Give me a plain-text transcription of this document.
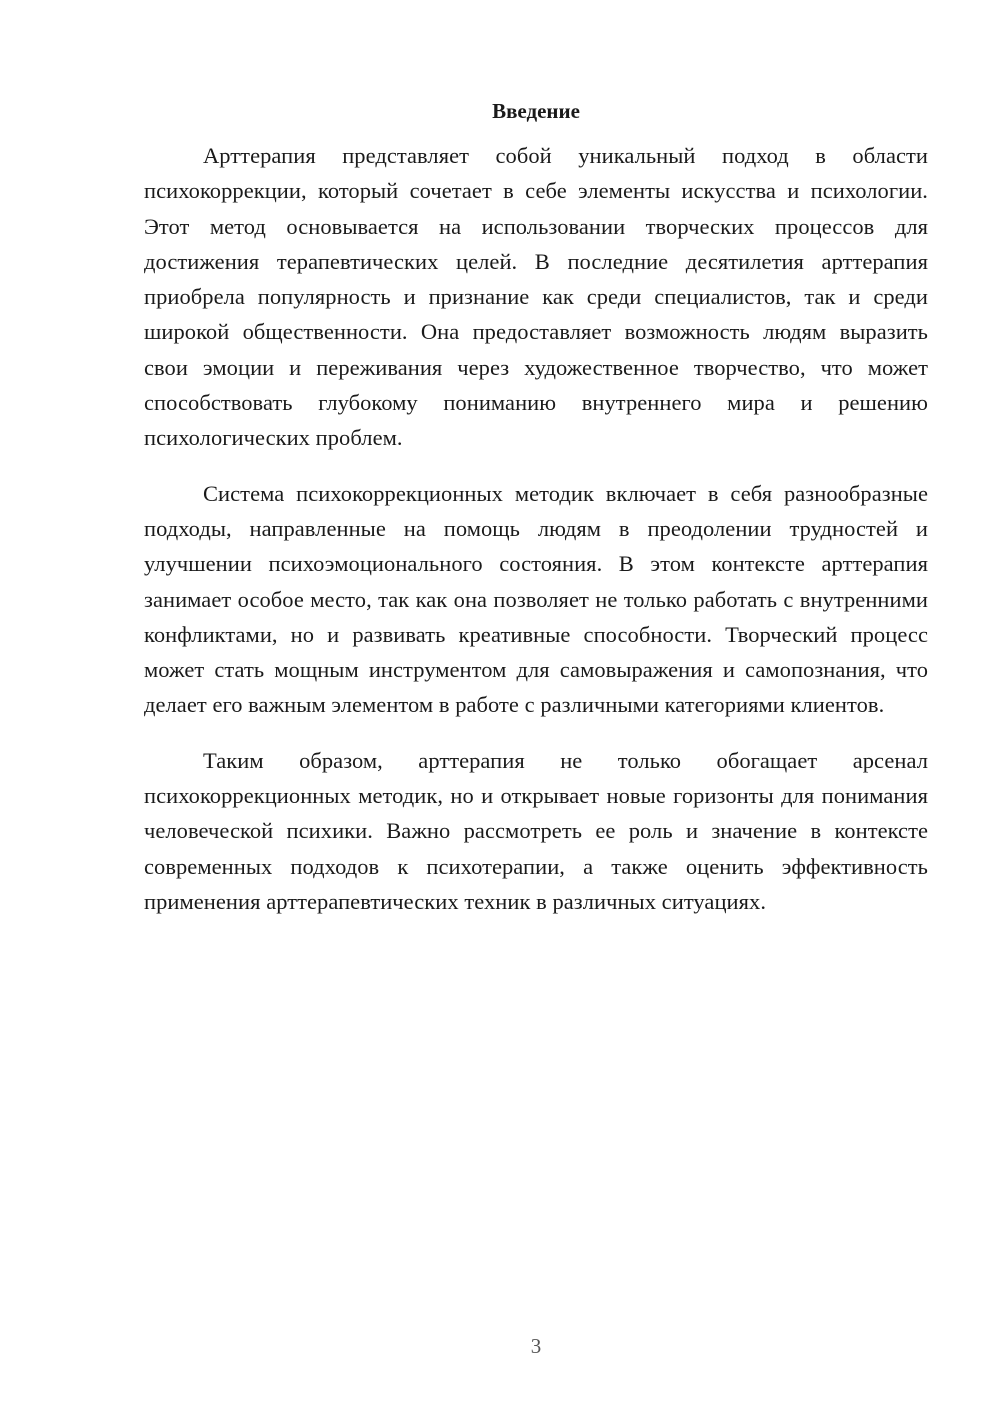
Введение

Арттерапия представляет собой уникальный подход в области психокоррекции, который сочетает в себе элементы искусства и психологии. Этот метод основывается на использовании творческих процессов для достижения терапевтических целей. В последние десятилетия арттерапия приобрела популярность и признание как среди специалистов, так и среди широкой общественности. Она предоставляет возможность людям выразить свои эмоции и переживания через художественное творчество, что может способствовать глубокому пониманию внутреннего мира и решению психологических проблем.

Система психокоррекционных методик включает в себя разнообразные подходы, направленные на помощь людям в преодолении трудностей и улучшении психоэмоционального состояния. В этом контексте арттерапия занимает особое место, так как она позволяет не только работать с внутренними конфликтами, но и развивать креативные способности. Творческий процесс может стать мощным инструментом для самовыражения и самопознания, что делает его важным элементом в работе с различными категориями клиентов.

Таким образом, арттерапия не только обогащает арсенал психокоррекционных методик, но и открывает новые горизонты для понимания человеческой психики. Важно рассмотреть ее роль и значение в контексте современных подходов к психотерапии, а также оценить эффективность применения арттерапевтических техник в различных ситуациях.

3
